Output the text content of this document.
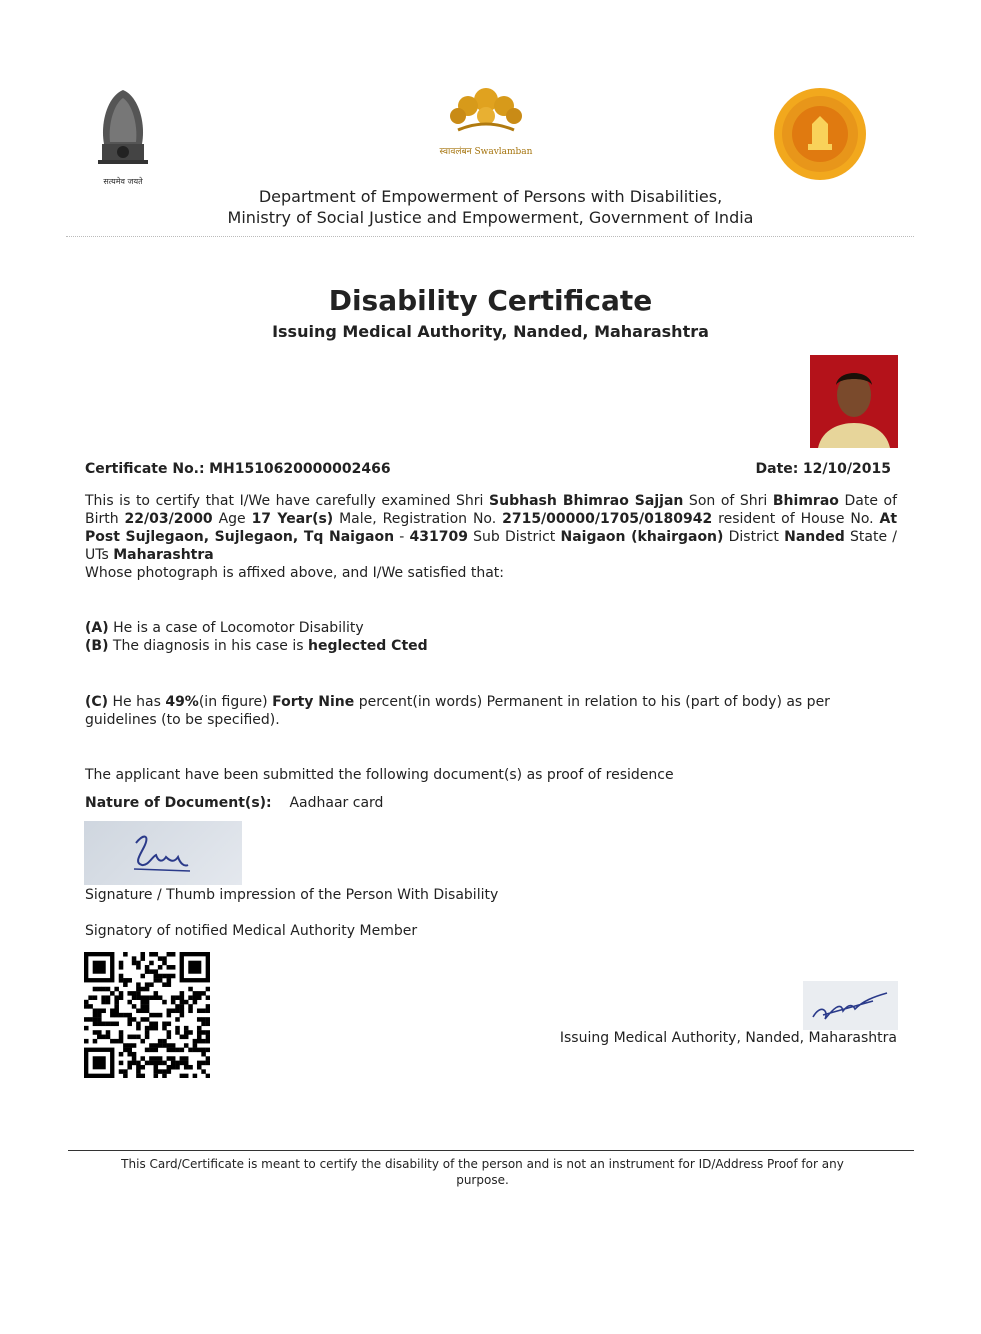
सत्यमेव जयते
स्वावलंबन Swavlamban
Department of Empowerment of Persons with Disabilities,
Ministry of Social Justice and Empowerment, Government of India
Disability Certificate
Issuing Medical Authority, Nanded, Maharashtra
Certificate No.: MH1510620000002466	Date: 12/10/2015
This is to certify that I/We have carefully examined Shri Subhash Bhimrao Sajjan Son of Shri Bhimrao Date of Birth 22/03/2000 Age 17 Year(s) Male, Registration No. 2715/00000/1705/0180942 resident of House No. At Post Sujlegaon, Sujlegaon, Tq Naigaon - 431709 Sub District Naigaon (khairgaon) District Nanded State / UTs Maharashtra
Whose photograph is affixed above, and I/We satisfied that:
(A) He is a case of Locomotor Disability
(B) The diagnosis in his case is heglected Cted
(C) He has 49%(in figure) Forty Nine percent(in words) Permanent in relation to his (part of body) as per guidelines (to be specified).
The applicant have been submitted the following document(s) as proof of residence
Nature of Document(s): Aadhaar card
Signature / Thumb impression of the Person With Disability
Signatory of notified Medical Authority Member
Issuing Medical Authority, Nanded, Maharashtra
This Card/Certificate is meant to certify the disability of the person and is not an instrument for ID/Address Proof for any purpose.
